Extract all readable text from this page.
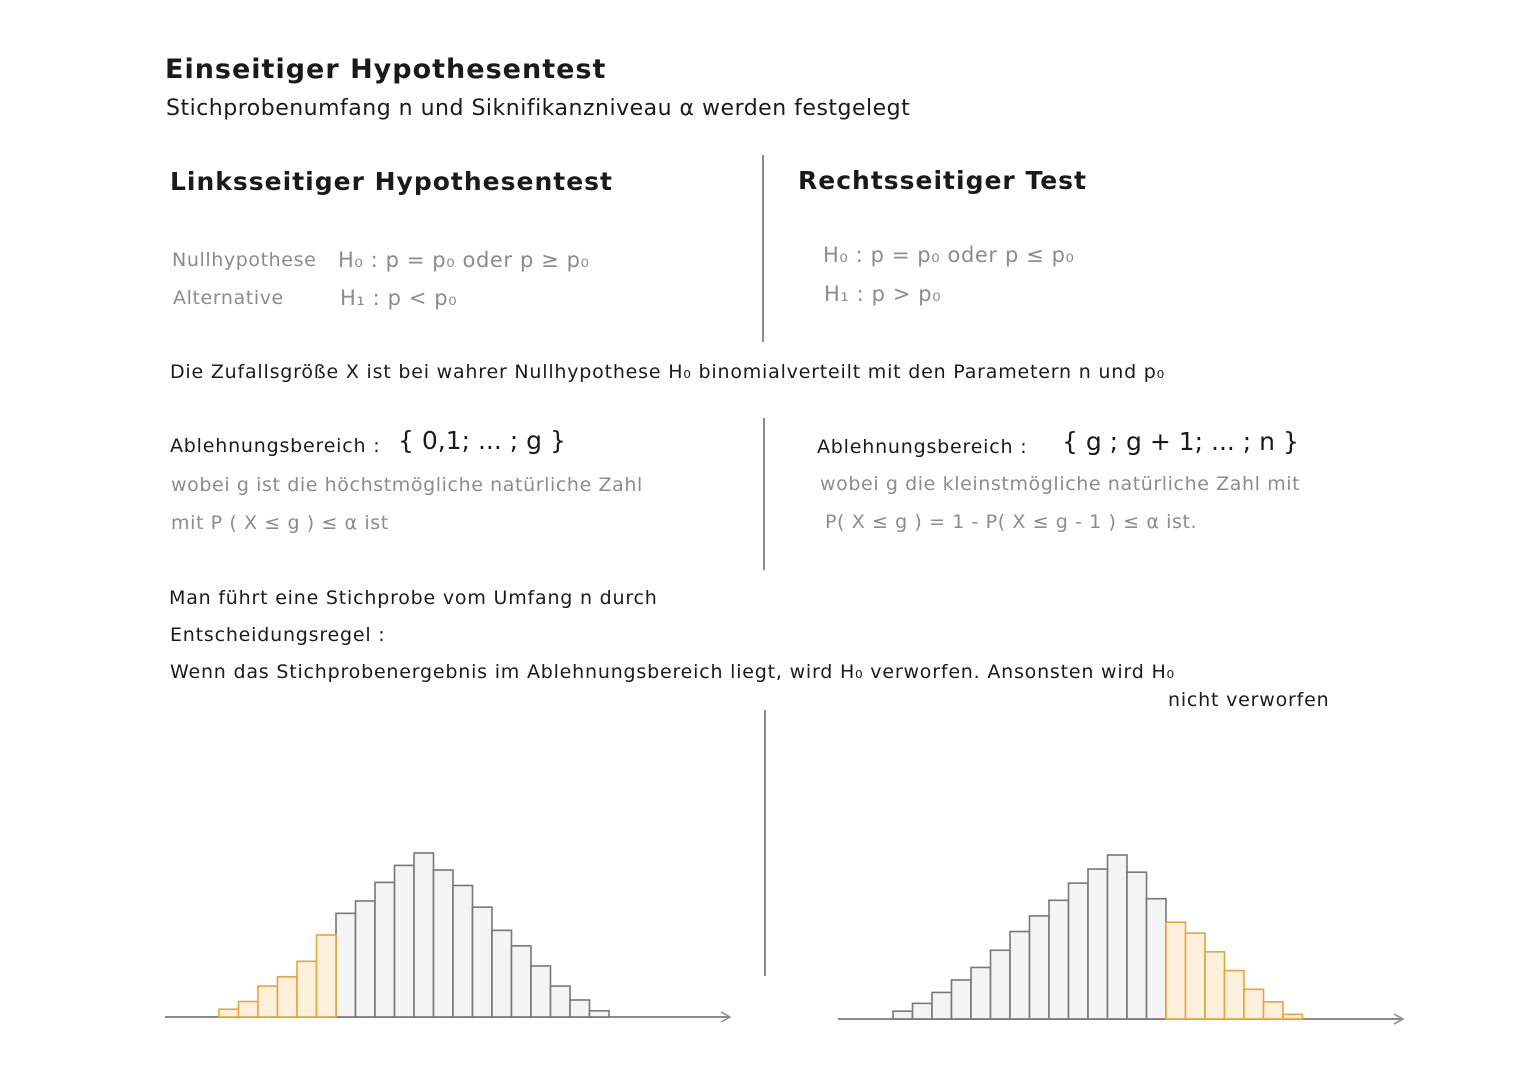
Einseitiger Hypothesentest
Stichprobenumfang n und Siknifikanzniveau α werden festgelegt
Linksseitiger Hypothesentest
Nullhypothese H₀ : p = p₀ oder p ≥ p₀
Alternative	H₁ : p < p₀
Rechtsseitiger Test
H₀ : p = p₀ oder p ≤ p₀
H₁ : p > p₀
Die Zufallsgröße X ist bei wahrer Nullhypothese H₀ binomialverteilt mit den Parametern n und p₀
Ablehnungsbereich : { 0,1; ... ; g }
wobei g ist die höchstmögliche natürliche Zahl
mit P ( X ≤ g ) ≤ α ist
Ablehnungsbereich : { g ; g + 1; ... ; n }
wobei g die kleinstmögliche natürliche Zahl mit
P( X ≤ g ) = 1 - P( X ≤ g - 1 ) ≤ α ist.
Man führt eine Stichprobe vom Umfang n durch
Entscheidungsregel :
Wenn das Stichprobenergebnis im Ablehnungsbereich liegt, wird H₀ verworfen. Ansonsten wird H₀
nicht verworfen
